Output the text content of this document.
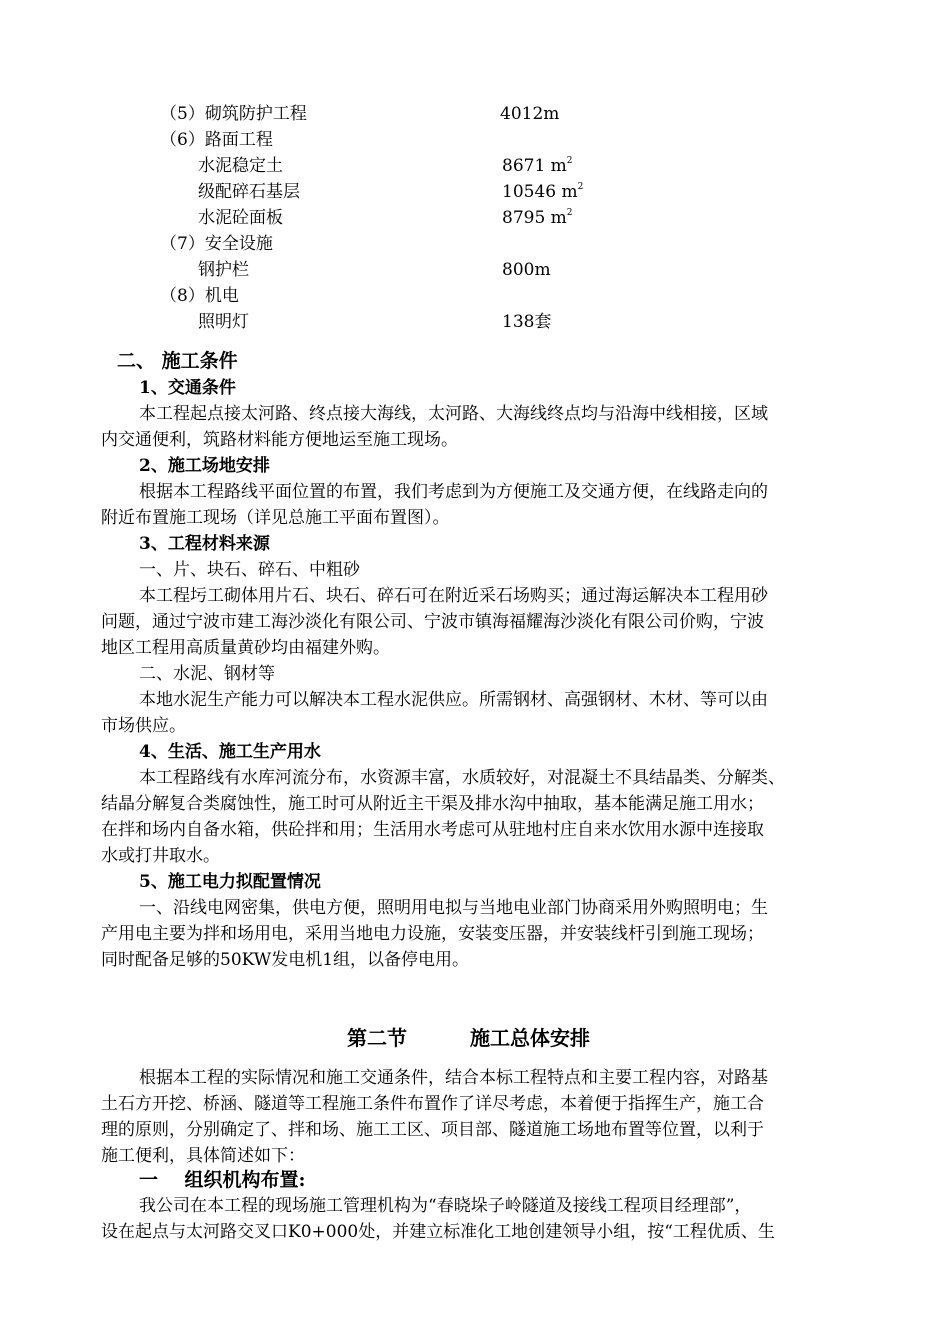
（5）砌筑防护工程	4012m
（6）路面工程
水泥稳定土	8671 $m^2$
级配碎石基层	10546 $m^2$
水泥砼面板	8795 $m^2$
（7）安全设施
钢护栏	800m
（8）机电
照明灯	138套
二、 施工条件
1、交通条件
本工程起点接太河路、终点接大海线，太河路、大海线终点均与沿海中线相接，区域
内交通便利，筑路材料能方便地运至施工现场。
2、施工场地安排
根据本工程路线平面位置的布置，我们考虑到为方便施工及交通方便，在线路走向的
附近布置施工现场（详见总施工平面布置图）。
3、工程材料来源
一、片、块石、碎石、中粗砂
本工程圬工砌体用片石、块石、碎石可在附近采石场购买；通过海运解决本工程用砂
问题，通过宁波市建工海沙淡化有限公司、宁波市镇海福耀海沙淡化有限公司价购，宁波
地区工程用高质量黄砂均由福建外购。
二、水泥、钢材等
本地水泥生产能力可以解决本工程水泥供应。所需钢材、高强钢材、木材、等可以由
市场供应。
4、生活、施工生产用水
本工程路线有水库河流分布，水资源丰富，水质较好，对混凝土不具结晶类、分解类、
结晶分解复合类腐蚀性，施工时可从附近主干渠及排水沟中抽取，基本能满足施工用水；
在拌和场内自备水箱，供砼拌和用；生活用水考虑可从驻地村庄自来水饮用水源中连接取
水或打井取水。
5、施工电力拟配置情况
一、沿线电网密集，供电方便，照明用电拟与当地电业部门协商采用外购照明电；生
产用电主要为拌和场用电，采用当地电力设施，安装变压器，并安装线杆引到施工现场；
同时配备足够的50KW发电机1组，以备停电用。
第二节	施工总体安排
根据本工程的实际情况和施工交通条件，结合本标工程特点和主要工程内容，对路基
土石方开挖、桥涵、隧道等工程施工条件布置作了详尽考虑，本着便于指挥生产，施工合
理的原则，分别确定了、拌和场、施工工区、项目部、隧道施工场地布置等位置，以利于
施工便利，具体简述如下：
一    组织机构布置:
我公司在本工程的现场施工管理机构为“春晓垛子岭隧道及接线工程项目经理部”，
设在起点与太河路交叉口K0+000处，并建立标准化工地创建领导小组，按“工程优质、生
